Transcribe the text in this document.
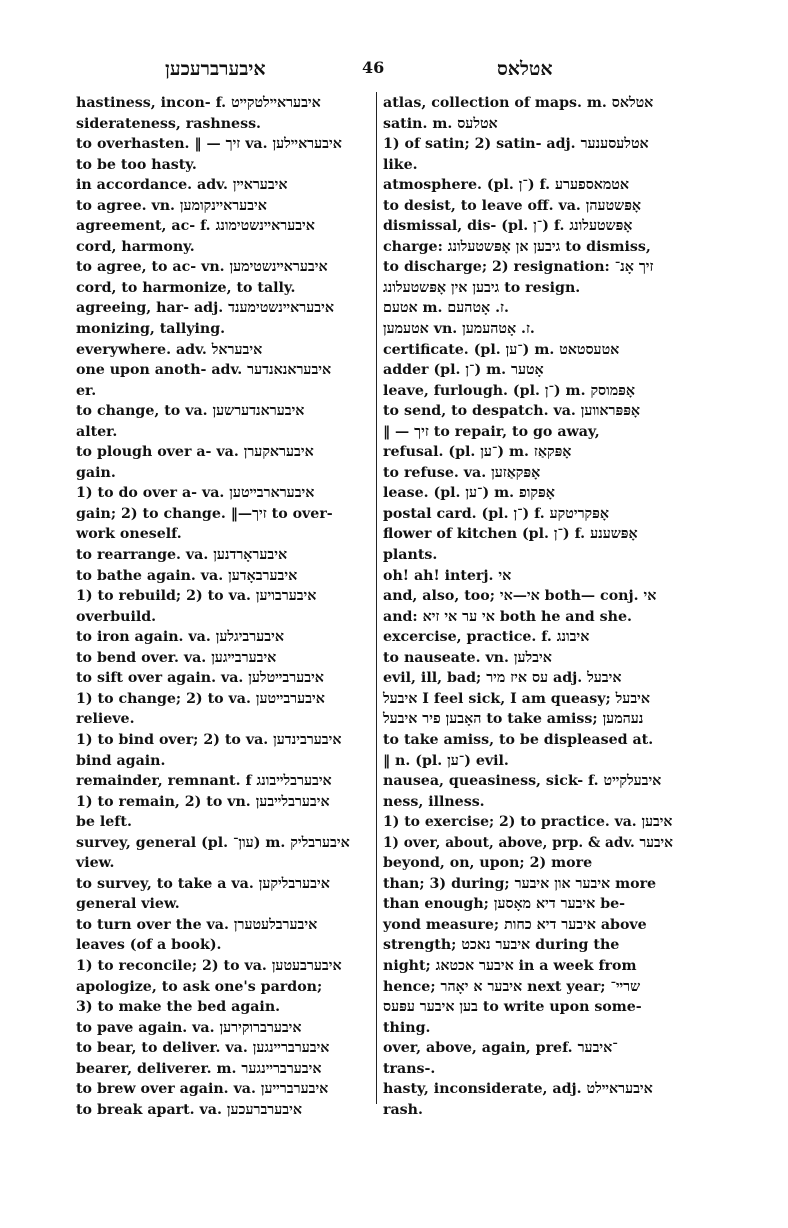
איבערברעכען	46	אטלאס
hastiness, incon- f. איבעראײלטקײט
siderateness, rashness.
to overhasten. ‖ — זיך va. איבעראײלען
to be too hasty.
in accordance. adv. איבעראײן
to agree. vn. איבעראײנקומען
agreement, ac- f. איבעראײנשטימונג
cord, harmony.
to agree, to ac- vn. איבעראײנשטימען
cord, to harmonize, to tally.
agreeing, har- adj. איבעראײנשטימענד
monizing, tallying.
everywhere. adv. איבעראל
one upon anoth- adv. איבעראנאנדער
er.
to change, to va. איבעראנדערשען
alter.
to plough over a- va. איבעראקערן
gain.
1) to do over a- va. איבערארבײטען
gain; 2) to change. ‖—זיך to over-
work oneself.
to rearrange. va. איבעראָרדנען
to bathe again. va. איבערבאָדען
1) to rebuild; 2) to va. איבערבויען
overbuild.
to iron again. va. איבערביגלען
to bend over. va. איבערבײגען
to sift over again. va. איבערבײטלען
1) to change; 2) to va. איבערבײטען
relieve.
1) to bind over; 2) to va. איבערבינדען
bind again.
remainder, remnant. f איבערבלײבונג
1) to remain, 2) to vn. איבערבלײבען
be left.
survey, general (pl. עון־) m. איבערבליק
view.
to survey, to take a va. איבערבליקען
general view.
to turn over the va. איבערבלעטערן
leaves (of a book).
1) to reconcile; 2) to va. איבערבעטען
apologize, to ask one's pardon;
3) to make the bed again.
to pave again. va. איבערברוקירען
to bear, to deliver. va. איבערברײנגען
bearer, deliverer. m. איבערברײנגער
to brew over again. va. איבערברײען
to break apart. va. איבערברעכען
atlas, collection of maps. m. אטלאס
satin. m. אטלעס
1) of satin; 2) satin- adj. אטלעסענער
like.
atmosphere. (pl. ־ן) f. אטמאספערע
to desist, to leave off. va. אָפּשטעהן
dismissal, dis- (pl. ־ן) f. אָפּשטעלונג
charge: גיבען אן אָפּשטעלונג to dismiss,
to discharge; 2) resignation: זיך אָנ־
גיבען אין אָפּשטעלונג to resign.
אטעם m. ז. אָטהעם.
אטעמען vn. ז. אָטהעמען.
certificate. (pl. ־ען) m. אטעסטאט
adder (pl. ־ן) m. אָטער
leave, furlough. (pl. ־ן) m. אָפּמוסק
to send, to despatch. va. אָפּפּראװען
‖ — זיך to repair, to go away,
refusal. (pl. ־ען) m. אָפּקאַז
to refuse. va. אָפּקאַזען
lease. (pl. ־ען) m. אָפּקופ
postal card. (pl. ־ן) f. אָפּקריטקע
flower of kitchen (pl. ־ן) f. אָפּשענע
plants.
oh! ah! interj. אי
and, also, too; אי—אי both— conj. אי
and: אי ער אי זיא both he and she.
excercise, practice. f. איבונג
to nauseate. vn. איבלען
evil, ill, bad; עס איז מיר adj. איבעל
איבעל I feel sick, I am queasy; איבעל
האָבען פיר איבעל to take amiss; נעהמען
to take amiss, to be displeased at.
‖ n. (pl. ־ען) evil.
nausea, queasiness, sick- f. איבעלקײט
ness, illness.
1) to exercise; 2) to practice. va. איבען
1) over, about, above, prp. & adv. איבער
beyond, on, upon; 2) more
than; 3) during; איבער און איבער more
than enough; איבער דיא מאָסען be-
yond measure; איבער דיא כחות above
strength; איבער נאכט during the
night; איבער אכטאג in a week from
hence; איבער א יאָהר next year; שרײ־
בען איבער עפּעס to write upon some-
thing.
over, above, again, pref. ־איבער
trans-.
hasty, inconsiderate, adj. איבעראײלט
rash.
